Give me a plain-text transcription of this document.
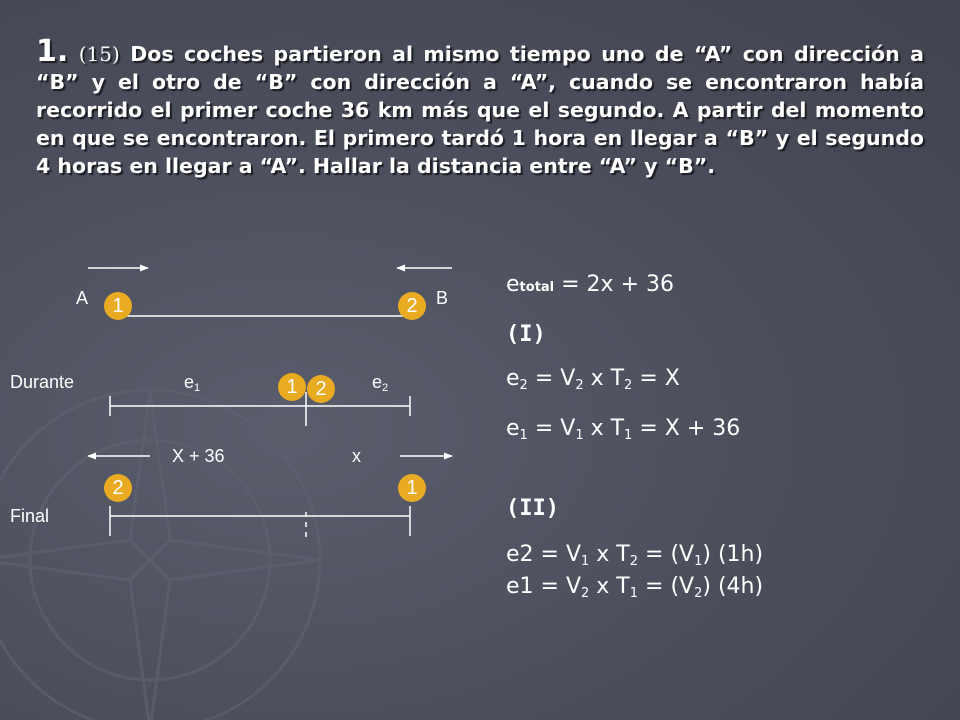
1. (15) Dos coches partieron al mismo tiempo uno de “A” con dirección a “B” y el otro de “B” con dirección a “A”, cuando se encontraron había recorrido el primer coche 36 km más que el segundo. A partir del momento en que se encontraron. El primero tardó 1 hora en llegar a “B” y el segundo 4 horas en llegar a “A”. Hallar la distancia entre “A” y “B”.
A	B
1	2
Durante	$e_1$	$e_2$
1 2
X + 36	x
2	1
Final
etotal = 2x + 36
(I)
$e_2 = V_2$ x $T_2 = X$
$e_1 = V_1$ x $T_1 = X + 36$
(II)
$e2 = V_1$ x $T_2 = (V_1)$ (1h)
$e1 = V_2$ x $T_1 = (V_2)$ (4h)
